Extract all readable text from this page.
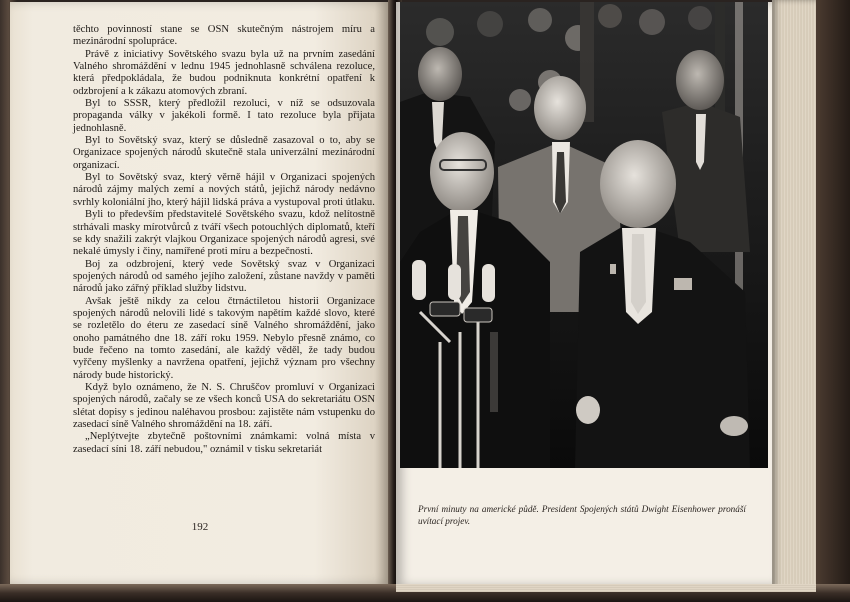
těchto povinností stane se OSN skutečným nástrojem míru a mezinárodní spolupráce.

Právě z iniciativy Sovětského svazu byla už na prvním zasedání Valného shromáždění v lednu 1945 jednohlasně schválena rezoluce, která předpokládala, že budou podniknuta konkrétní opatření k odzbrojení a k zákazu atomových zbraní.

Byl to SSSR, který předložil rezoluci, v níž se odsuzovala propaganda války v jakékoli formě. I tato rezoluce byla přijata jednohlasně.

Byl to Sovětský svaz, který se důsledně zasazoval o to, aby se Organizace spojených národů skutečně stala univerzální mezinárodní organizací.

Byl to Sovětský svaz, který věrně hájil v Organizaci spojených národů zájmy malých zemí a nových států, jejichž národy nedávno svrhly koloniální jho, který hájil lidská práva a vystupoval proti útlaku.

Byli to především představitelé Sovětského svazu, kdož nelítostně strhávali masky mírotvůrců z tváří všech potouchlých diplomatů, kteří se kdy snažili zakrýt vlajkou Organizace spojených národů agresi, své nekalé úmysly i činy, namířené proti míru a bezpečnosti.

Boj za odzbrojení, který vede Sovětský svaz v Organizaci spojených národů od samého jejího založení, zůstane navždy v paměti národů jako zářný příklad služby lidstvu.

Avšak ještě nikdy za celou čtrnáctiletou historii Organizace spojených národů nelovili lidé s takovým napětím každé slovo, které se rozletělo do éteru ze zasedací síně Valného shromáždění, jako onoho památného dne 18. září roku 1959. Nebylo přesně známo, co bude řečeno na tomto zasedání, ale každý věděl, že tady budou vyřčeny myšlenky a navržena opatření, jejichž význam pro všechny národy bude historický.

Když bylo oznámeno, že N. S. Chruščov promluví v Organizaci spojených národů, začaly se ze všech konců USA do sekretariátu OSN slétat dopisy s jedinou naléhavou prosbou: zajistěte nám vstupenku do zasedací síně Valného shromáždění na 18. září.

„Neplýtvejte zbytečně poštovními známkami: volná místa v zasedací síni 18. září nebudou," oznámil v tisku sekretariát

192
První minuty na americké půdě. President Spojených států Dwight Eisenhower pronáší uvítací projev.
